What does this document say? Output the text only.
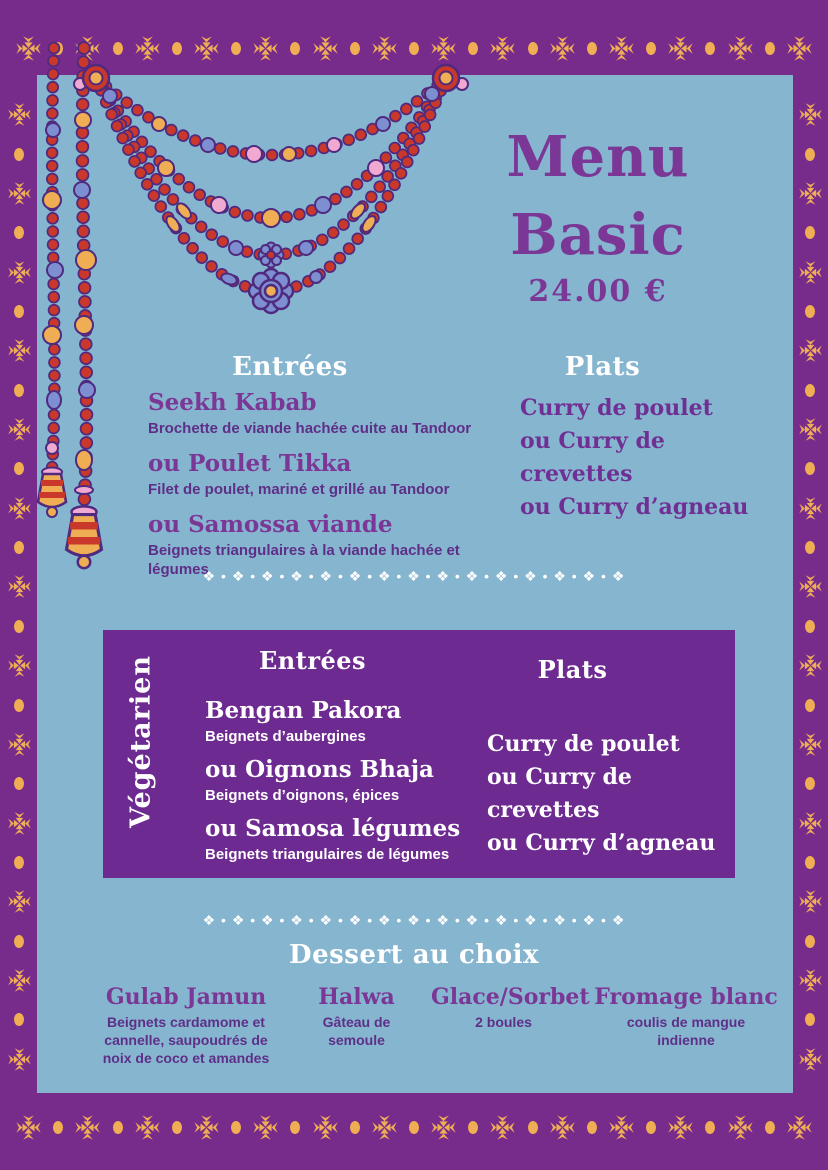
Menu
Basic
24.00 €
Entrées
Seekh Kabab
Brochette de viande hachée cuite au Tandoor
ou Poulet Tikka
Filet de poulet, mariné et grillé au Tandoor
ou Samossa viande
Beignets triangulaires à la viande hachée et légumes
Plats
Curry de poulet
ou Curry de crevettes
ou Curry d’agneau
❖ • ❖ • ❖ • ❖ • ❖ • ❖ • ❖ • ❖ • ❖ • ❖ • ❖ • ❖ • ❖ • ❖ • ❖
Végétarien	Entrées
Bengan Pakora
Beignets d’aubergines
ou Oignons Bhaja
Beignets d’oignons, épices
ou Samosa légumes
Beignets triangulaires de légumes
Plats
Curry de poulet
ou Curry de crevettes
ou Curry d’agneau
❖ • ❖ • ❖ • ❖ • ❖ • ❖ • ❖ • ❖ • ❖ • ❖ • ❖ • ❖ • ❖ • ❖ • ❖
Dessert au choix
Gulab Jamun
Beignets cardamome et cannelle, saupoudrés de noix de coco et amandes
Halwa
Gâteau de semoule
Glace/Sorbet
2 boules
Fromage blanc
coulis de mangue indienne
